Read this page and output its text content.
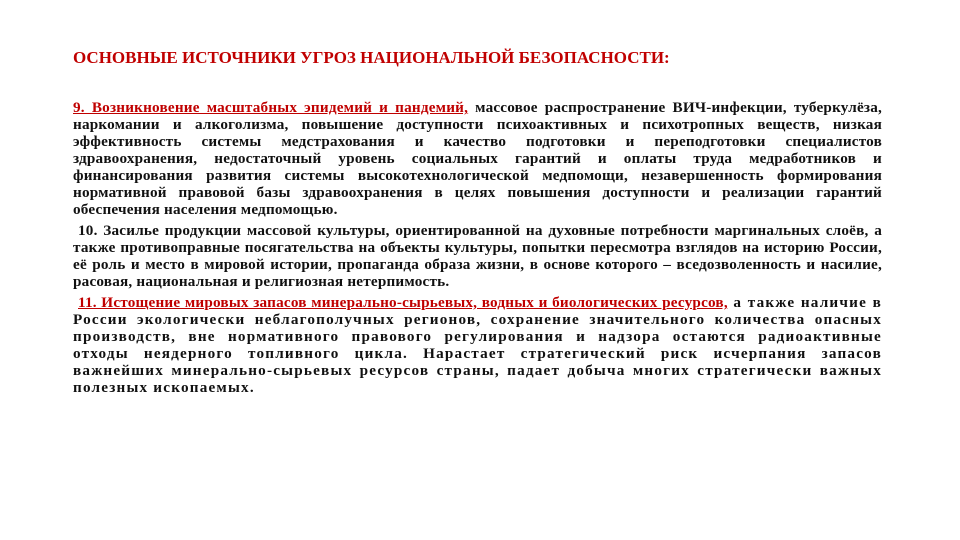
ОСНОВНЫЕ ИСТОЧНИКИ УГРОЗ НАЦИОНАЛЬНОЙ БЕЗОПАСНОСТИ:

9. Возникновение масштабных эпидемий и пандемий, массовое распространение ВИЧ-инфекции, туберкулёза, наркомании и алкоголизма, повышение доступности психоактивных и психотропных веществ, низкая эффективность системы медстрахования и качество подготовки и переподготовки специалистов здравоохранения, недостаточный уровень социальных гарантий и оплаты труда медработников и финансирования развития системы высокотехнологической медпомощи, незавершенность формирования нормативной правовой базы здравоохранения в целях повышения доступности и реализации гарантий обеспечения населения медпомощью.

10. Засилье продукции массовой культуры, ориентированной на духовные потребности маргинальных слоёв, а также противоправные посягательства на объекты культуры, попытки пересмотра взглядов на историю России, её роль и место в мировой истории, пропаганда образа жизни, в основе которого – вседозволенность и насилие, расовая, национальная и религиозная нетерпимость.

11. Истощение мировых запасов минерально-сырьевых, водных и биологических ресурсов, а также наличие в России экологически неблагополучных регионов, сохранение значительного количества опасных производств, вне нормативного правового регулирования и надзора остаются радиоактивные отходы неядерного топливного цикла. Нарастает стратегический риск исчерпания запасов важнейших минерально-сырьевых ресурсов страны, падает добыча многих стратегически важных полезных ископаемых.
